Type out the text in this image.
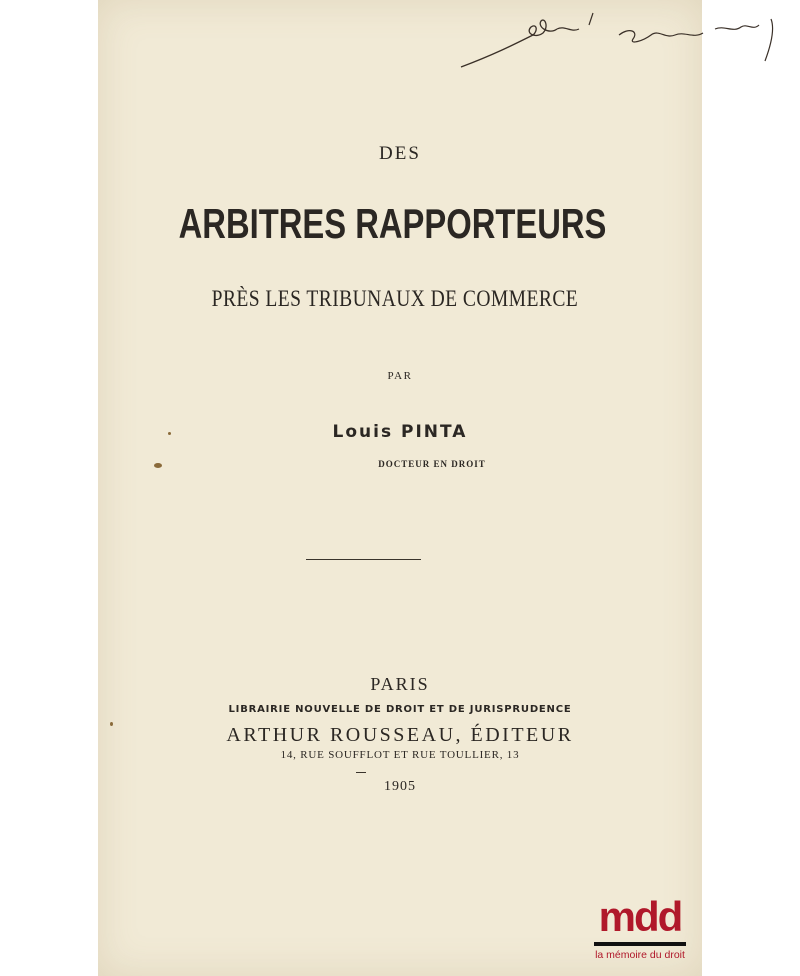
DES
ARBITRES RAPPORTEURS
PRÈS LES TRIBUNAUX DE COMMERCE
PAR
Louis PINTA
DOCTEUR EN DROIT
PARIS
LIBRAIRIE NOUVELLE DE DROIT ET DE JURISPRUDENCE
ARTHUR ROUSSEAU, ÉDITEUR
14, RUE SOUFFLOT ET RUE TOULLIER, 13
1905
mdd
la mémoire du droit
